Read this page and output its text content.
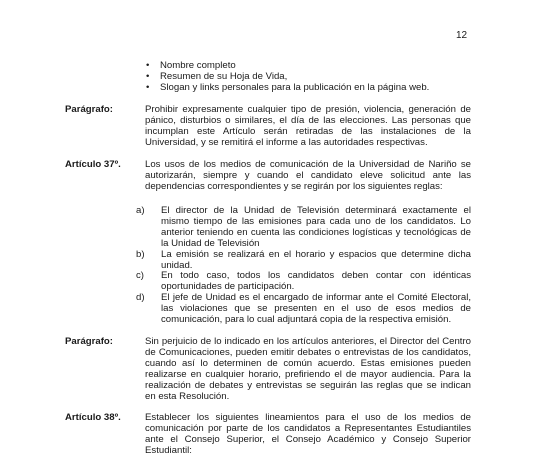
12
• Nombre completo
• Resumen de su Hoja de Vida,
• Slogan y links personales para la publicación en la página web.
Parágrafo:	Prohibir expresamente cualquier tipo de presión, violencia, generación de pánico, disturbios o similares, el día de las elecciones. Las personas que incumplan este Artículo serán retiradas de las instalaciones de la Universidad, y se remitirá el informe a las autoridades respectivas.
Artículo 37º.	Los usos de los medios de comunicación de la Universidad de Nariño se autorizarán, siempre y cuando el candidato eleve solicitud ante las dependencias correspondientes y se regirán por los siguientes reglas:
a) El director de la Unidad de Televisión determinará exactamente el mismo tiempo de las emisiones para cada uno de los candidatos. Lo anterior teniendo en cuenta las condiciones logísticas y tecnológicas de la Unidad de Televisión
b) La emisión se realizará en el horario y espacios que determine dicha unidad.
c) En todo caso, todos los candidatos deben contar con idénticas oportunidades de participación.
d) El jefe de Unidad es el encargado de informar ante el Comité Electoral, las violaciones que se presenten en el uso de esos medios de comunicación, para lo cual adjuntará copia de la respectiva emisión.
Parágrafo:	Sin perjuicio de lo indicado en los artículos anteriores, el Director del Centro de Comunicaciones, pueden emitir debates o entrevistas de los candidatos, cuando así lo determinen de común acuerdo. Estas emisiones pueden realizarse en cualquier horario, prefiriendo el de mayor audiencia. Para la realización de debates y entrevistas se seguirán las reglas que se indican en esta Resolución.
Artículo 38º.	Establecer los siguientes lineamientos para el uso de los medios de comunicación por parte de los candidatos a Representantes Estudiantiles ante el Consejo Superior, el Consejo Académico y Consejo Superior Estudiantil:
